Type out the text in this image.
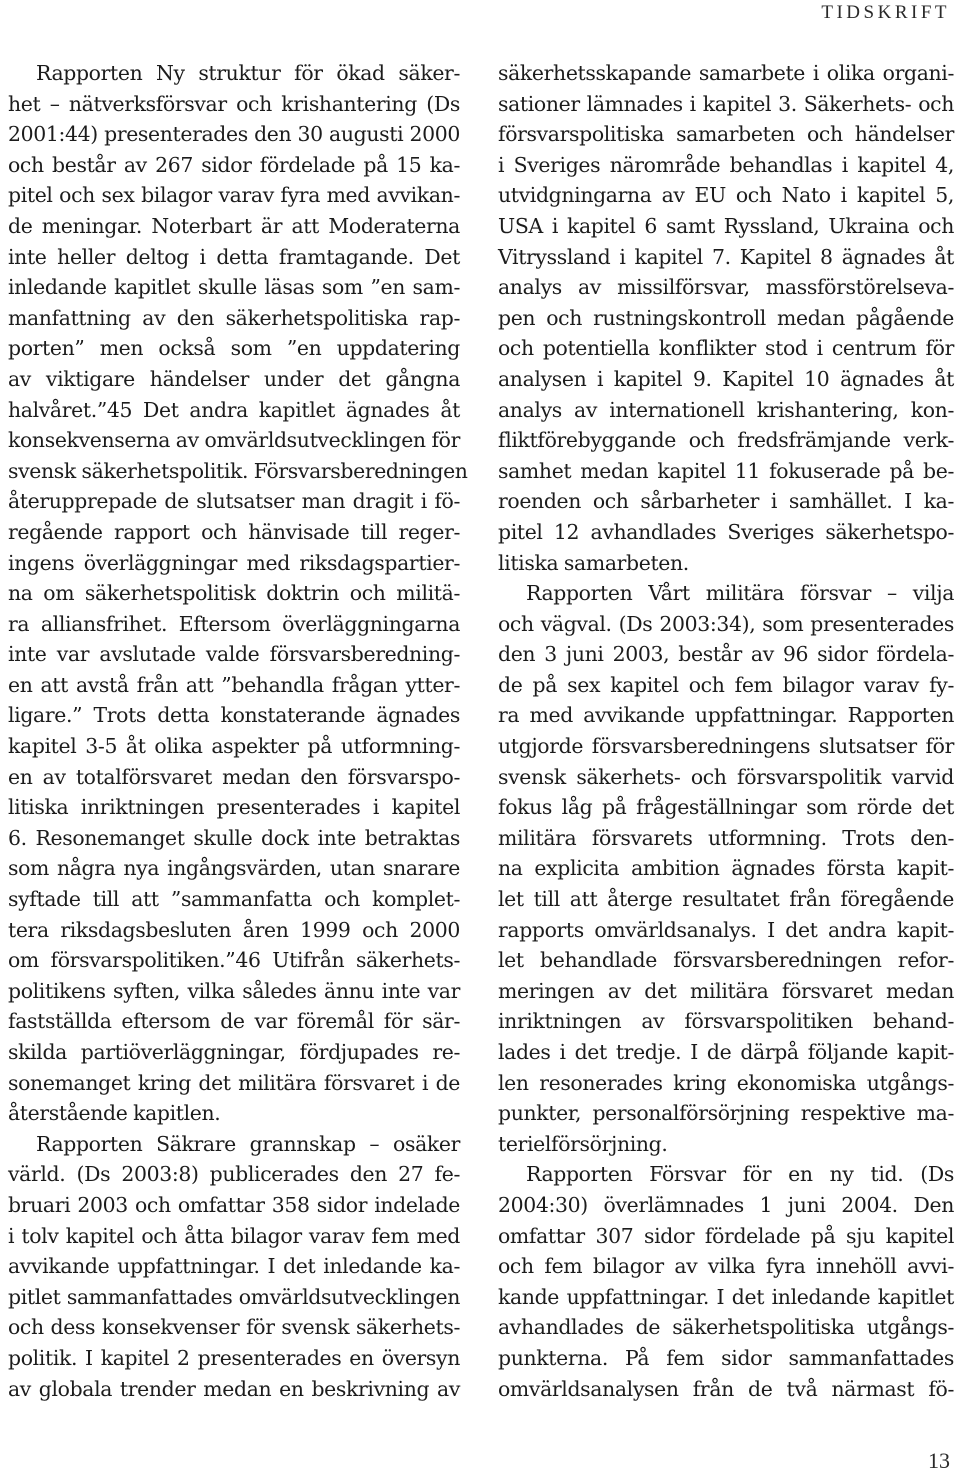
TIDSKRIFT
Rapporten Ny struktur för ökad säker-
het – nätverksförsvar och krishantering (Ds
2001:44) presenterades den 30 augusti 2000
och består av 267 sidor fördelade på 15 ka-
pitel och sex bilagor varav fyra med avvikan-
de meningar. Noterbart är att Moderaterna
inte heller deltog i detta framtagande. Det
inledande kapitlet skulle läsas som ”en sam-
manfattning av den säkerhetspolitiska rap-
porten” men också som ”en uppdatering
av viktigare händelser under det gångna
halvåret.”45 Det andra kapitlet ägnades åt
konsekvenserna av omvärldsutvecklingen för
svensk säkerhetspolitik. Försvarsberedningen
återupprepade de slutsatser man dragit i fö-
regående rapport och hänvisade till reger-
ingens överläggningar med riksdagspartier-
na om säkerhetspolitisk doktrin och militä-
ra alliansfrihet. Eftersom överläggningarna
inte var avslutade valde försvarsberedning-
en att avstå från att ”behandla frågan ytter-
ligare.” Trots detta konstaterande ägnades
kapitel 3-5 åt olika aspekter på utformning-
en av totalförsvaret medan den försvarspo-
litiska inriktningen presenterades i kapitel
6. Resonemanget skulle dock inte betraktas
som några nya ingångsvärden, utan snarare
syftade till att ”sammanfatta och komplet-
tera riksdagsbesluten åren 1999 och 2000
om försvarspolitiken.”46 Utifrån säkerhets-
politikens syften, vilka således ännu inte var
fastställda eftersom de var föremål för sär-
skilda partiöverläggningar, fördjupades re-
sonemanget kring det militära försvaret i de
återstående kapitlen.
Rapporten Säkrare grannskap – osäker
värld. (Ds 2003:8) publicerades den 27 fe-
bruari 2003 och omfattar 358 sidor indelade
i tolv kapitel och åtta bilagor varav fem med
avvikande uppfattningar. I det inledande ka-
pitlet sammanfattades omvärldsutvecklingen
och dess konsekvenser för svensk säkerhets-
politik. I kapitel 2 presenterades en översyn
av globala trender medan en beskrivning av
säkerhetsskapande samarbete i olika organi-
sationer lämnades i kapitel 3. Säkerhets- och
försvarspolitiska samarbeten och händelser
i Sveriges närområde behandlas i kapitel 4,
utvidgningarna av EU och Nato i kapitel 5,
USA i kapitel 6 samt Ryssland, Ukraina och
Vitryssland i kapitel 7. Kapitel 8 ägnades åt
analys av missilförsvar, massförstörelseva-
pen och rustningskontroll medan pågående
och potentiella konflikter stod i centrum för
analysen i kapitel 9. Kapitel 10 ägnades åt
analys av internationell krishantering, kon-
fliktförebyggande och fredsfrämjande verk-
samhet medan kapitel 11 fokuserade på be-
roenden och sårbarheter i samhället. I ka-
pitel 12 avhandlades Sveriges säkerhetspo-
litiska samarbeten.
Rapporten Vårt militära försvar – vilja
och vägval. (Ds 2003:34), som presenterades
den 3 juni 2003, består av 96 sidor fördela-
de på sex kapitel och fem bilagor varav fy-
ra med avvikande uppfattningar. Rapporten
utgjorde försvarsberedningens slutsatser för
svensk säkerhets- och försvarspolitik varvid
fokus låg på frågeställningar som rörde det
militära försvarets utformning. Trots den-
na explicita ambition ägnades första kapit-
let till att återge resultatet från föregående
rapports omvärldsanalys. I det andra kapit-
let behandlade försvarsberedningen refor-
meringen av det militära försvaret medan
inriktningen av försvarspolitiken behand-
lades i det tredje. I de därpå följande kapit-
len resonerades kring ekonomiska utgångs-
punkter, personalförsörjning respektive ma-
terielförsörjning.
Rapporten Försvar för en ny tid. (Ds
2004:30) överlämnades 1 juni 2004. Den
omfattar 307 sidor fördelade på sju kapitel
och fem bilagor av vilka fyra innehöll avvi-
kande uppfattningar. I det inledande kapitlet
avhandlades de säkerhetspolitiska utgångs-
punkterna. På fem sidor sammanfattades
omvärldsanalysen från de två närmast fö-
13
